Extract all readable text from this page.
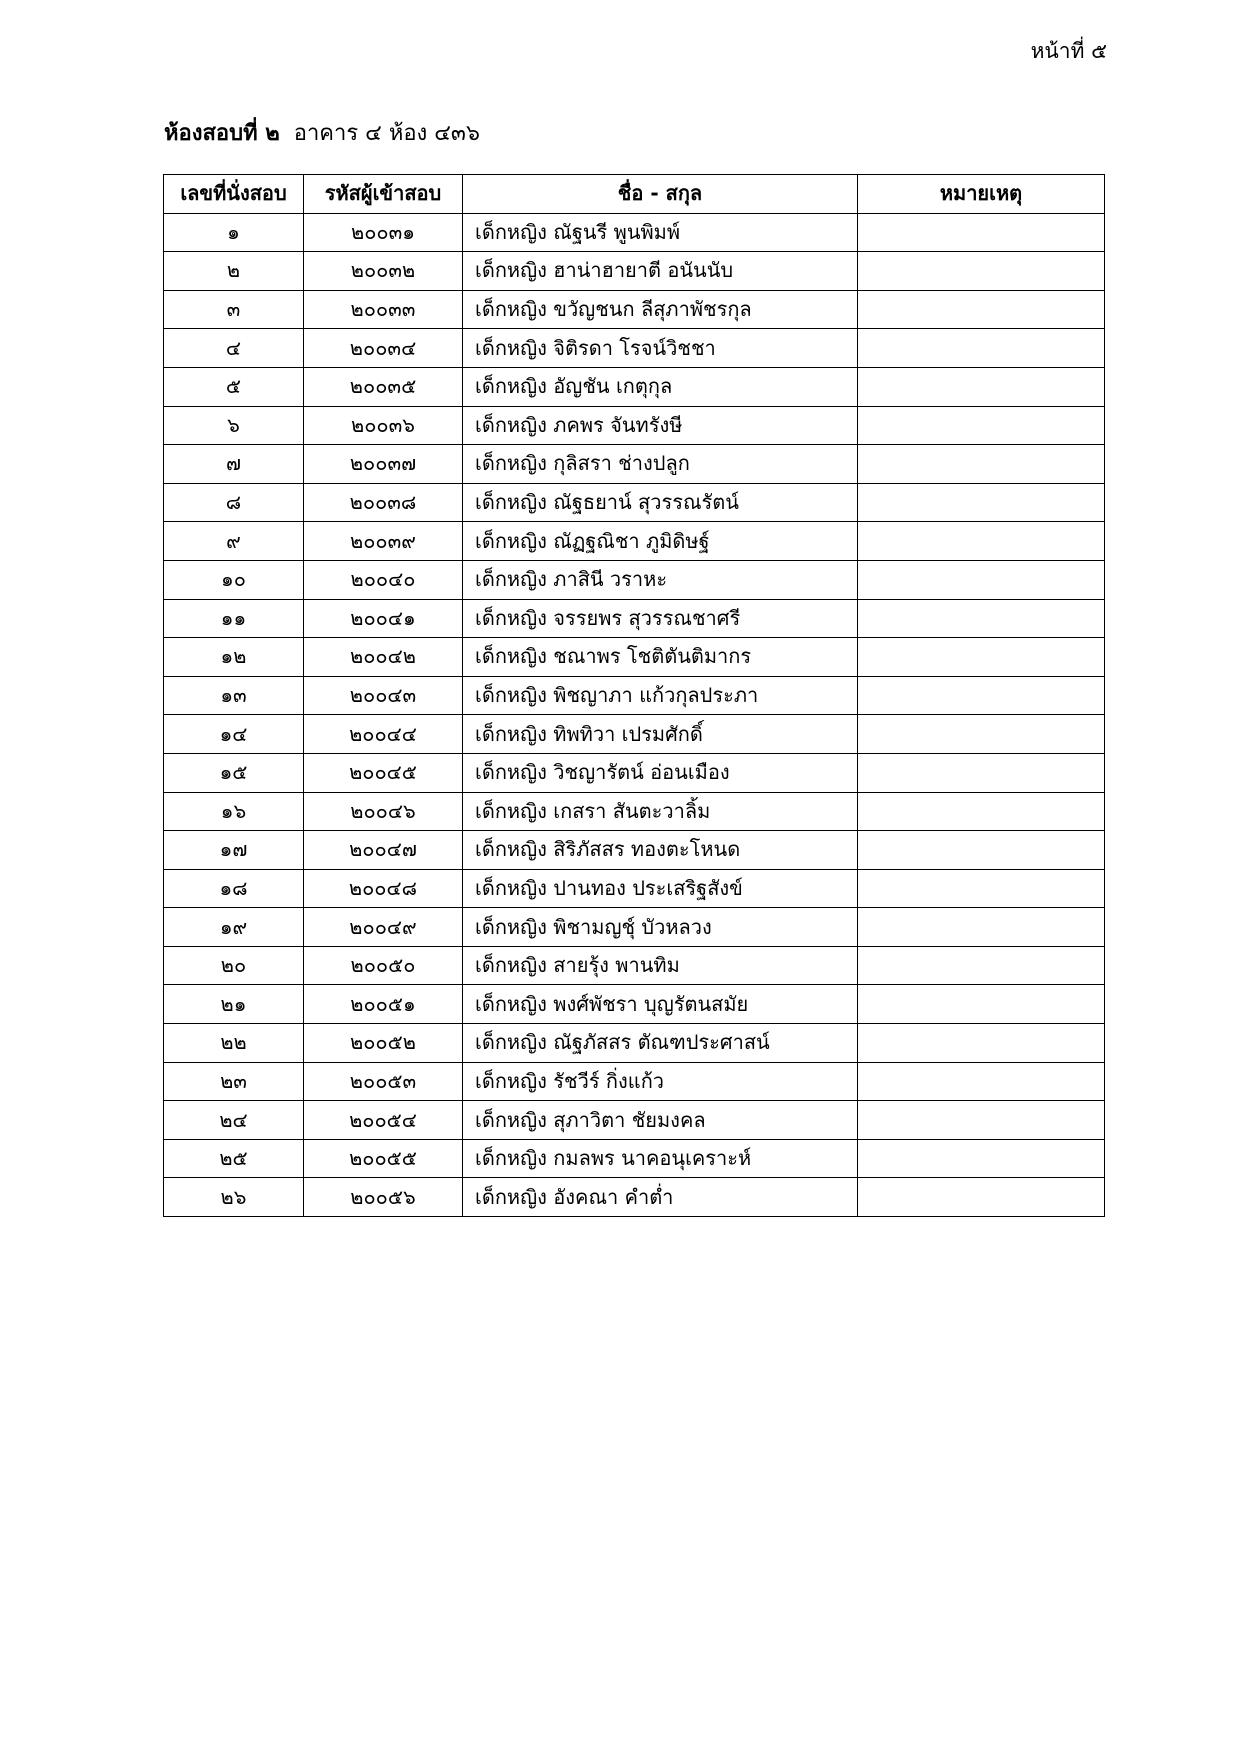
หน้าที่ ๕
ห้องสอบที่ ๒ อาคาร ๔ ห้อง ๔๓๖
เลขที่นั่งสอบ	รหัสผู้เข้าสอบ	ชื่อ - สกุล	หมายเหตุ
๑	๒๐๐๓๑	เด็กหญิง ณัฐนรี พูนพิมพ์	
๒	๒๐๐๓๒	เด็กหญิง ฮาน่าฮายาตี อนันนับ	
๓	๒๐๐๓๓	เด็กหญิง ขวัญชนก ลีสุภาพัชรกุล	
๔	๒๐๐๓๔	เด็กหญิง จิติรดา โรจน์วิชชา	
๕	๒๐๐๓๕	เด็กหญิง อัญชัน เกตุกุล	
๖	๒๐๐๓๖	เด็กหญิง ภคพร จันทรังษี	
๗	๒๐๐๓๗	เด็กหญิง กุลิสรา ช่างปลูก	
๘	๒๐๐๓๘	เด็กหญิง ณัฐธยาน์ สุวรรณรัตน์	
๙	๒๐๐๓๙	เด็กหญิง ณัฏฐณิชา ภูมิดิษฐ์	
๑๐	๒๐๐๔๐	เด็กหญิง ภาสินี วราหะ	
๑๑	๒๐๐๔๑	เด็กหญิง จรรยพร สุวรรณชาศรี	
๑๒	๒๐๐๔๒	เด็กหญิง ชณาพร โชติตันติมากร	
๑๓	๒๐๐๔๓	เด็กหญิง พิชญาภา แก้วกุลประภา	
๑๔	๒๐๐๔๔	เด็กหญิง ทิพทิวา เปรมศักดิ์	
๑๕	๒๐๐๔๕	เด็กหญิง วิชญารัตน์ อ่อนเมือง	
๑๖	๒๐๐๔๖	เด็กหญิง เกสรา สันตะวาลิ้ม	
๑๗	๒๐๐๔๗	เด็กหญิง สิริภัสสร ทองตะโหนด	
๑๘	๒๐๐๔๘	เด็กหญิง ปานทอง ประเสริฐสังข์	
๑๙	๒๐๐๔๙	เด็กหญิง พิชามญชุ์ บัวหลวง	
๒๐	๒๐๐๕๐	เด็กหญิง สายรุ้ง พานทิม	
๒๑	๒๐๐๕๑	เด็กหญิง พงศ์พัชรา บุญรัตนสมัย	
๒๒	๒๐๐๕๒	เด็กหญิง ณัฐภัสสร ตัณฑประศาสน์	
๒๓	๒๐๐๕๓	เด็กหญิง รัชวีร์ กิ่งแก้ว	
๒๔	๒๐๐๕๔	เด็กหญิง สุภาวิตา ชัยมงคล	
๒๕	๒๐๐๕๕	เด็กหญิง กมลพร นาคอนุเคราะห์	
๒๖	๒๐๐๕๖	เด็กหญิง อังคณา คำต่ำ	
